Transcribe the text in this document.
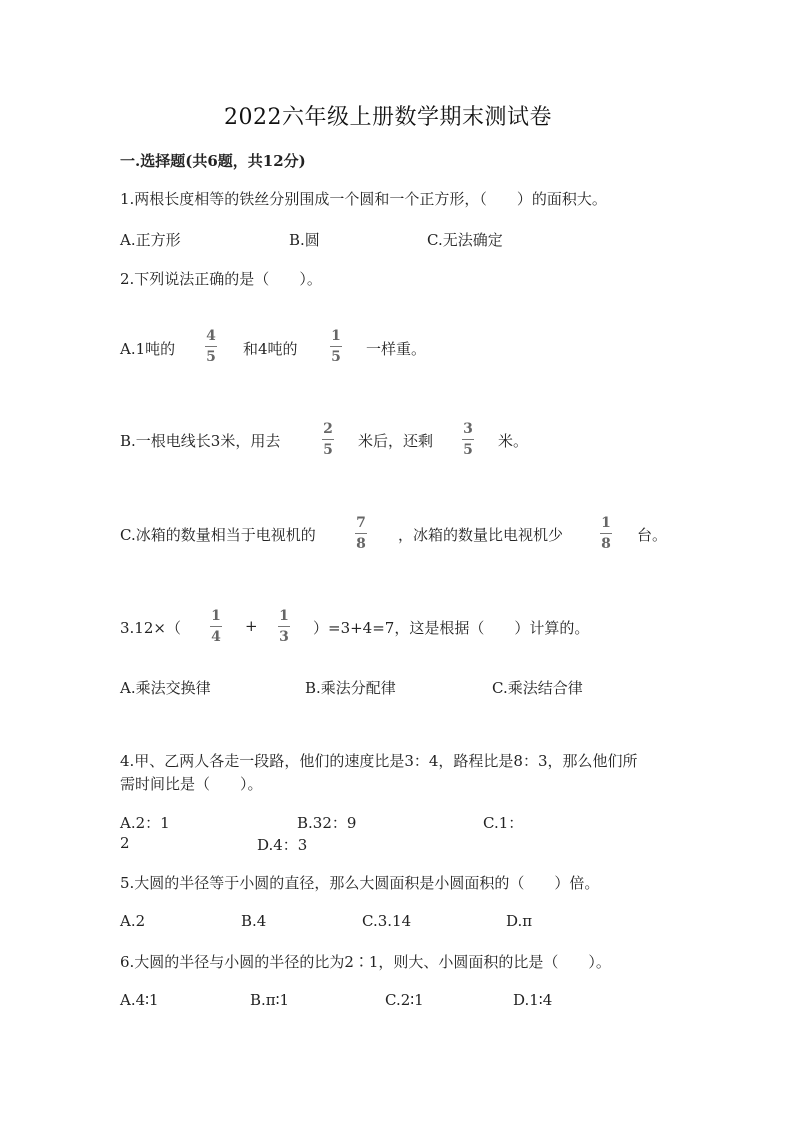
2022六年级上册数学期末测试卷
一.选择题(共6题，共12分)
1.两根长度相等的铁丝分别围成一个圆和一个正方形，（　　）的面积大。
A.正方形	B.圆	C.无法确定
2.下列说法正确的是（　　）。
A.1吨的
4
5 和4吨的
1
5 一样重。
B.一根电线长3米，用去
2
5 米后，还剩
3
5 米。
C.冰箱的数量相当于电视机的
7
8 ，冰箱的数量比电视机少
1
8 台。
3.12×（
1
4
+
1
3 ）=3+4=7，这是根据（　　）计算的。
A.乘法交换律	B.乘法分配律	C.乘法结合律
4.甲、乙两人各走一段路，他们的速度比是3：4，路程比是8：3，那么他们所
需时间比是（　　）。
A.2：1	B.32：9	C.1：
2	D.4：3
5.大圆的半径等于小圆的直径，那么大圆面积是小圆面积的（　　）倍。
A.2	B.4	C.3.14	D.π
6.大圆的半径与小圆的半径的比为2∶1，则大、小圆面积的比是（　　）。
A.4∶1	B.π∶1	C.2∶1	D.1∶4
